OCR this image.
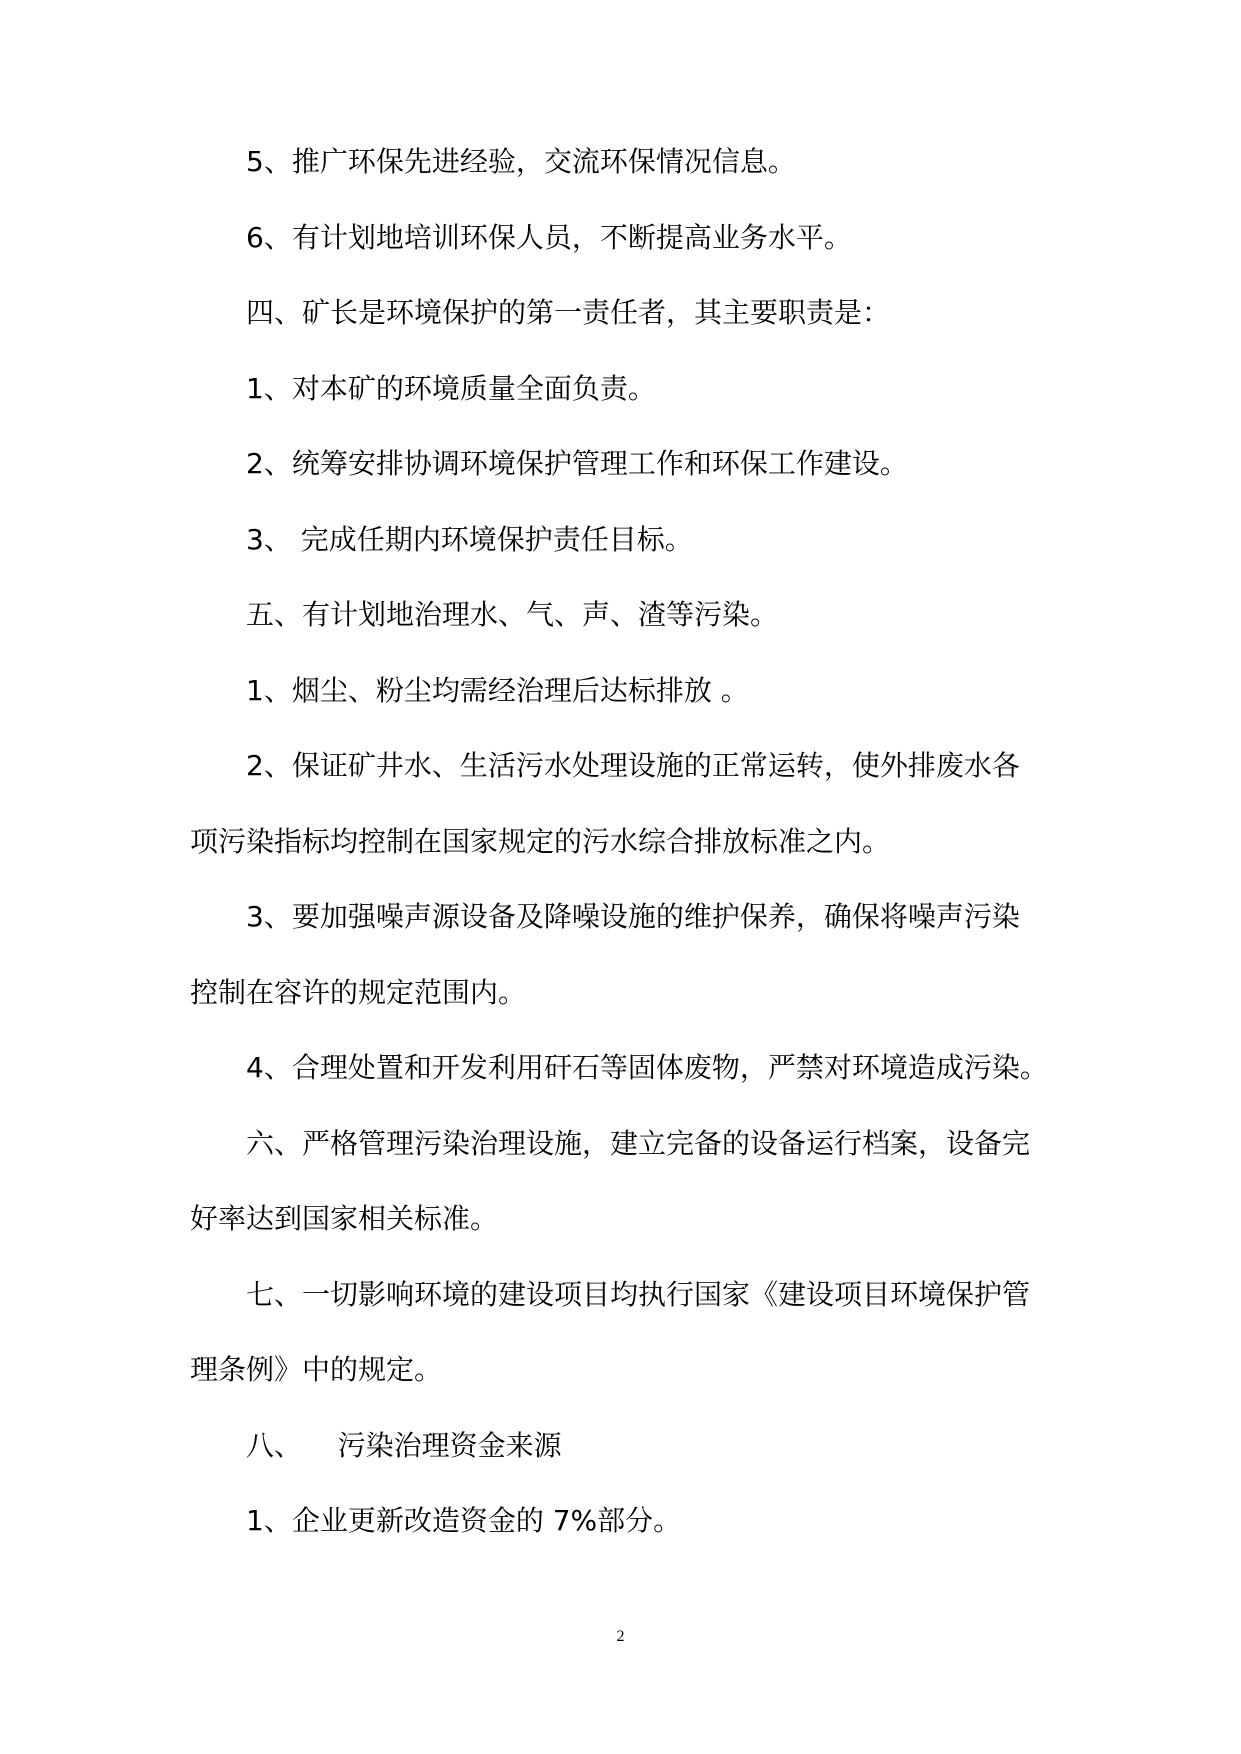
5、推广环保先进经验，交流环保情况信息。
6、有计划地培训环保人员，不断提高业务水平。
四、矿长是环境保护的第一责任者，其主要职责是：
1、对本矿的环境质量全面负责。
2、统筹安排协调环境保护管理工作和环保工作建设。
3、 完成任期内环境保护责任目标。
五、有计划地治理水、气、声、渣等污染。
1、烟尘、粉尘均需经治理后达标排放 。
2、保证矿井水、生活污水处理设施的正常运转，使外排废水各
项污染指标均控制在国家规定的污水综合排放标准之内。
3、要加强噪声源设备及降噪设施的维护保养，确保将噪声污染
控制在容许的规定范围内。
4、合理处置和开发利用矸石等固体废物，严禁对环境造成污染。
六、严格管理污染治理设施，建立完备的设备运行档案，设备完
好率达到国家相关标准。
七、一切影响环境的建设项目均执行国家《建设项目环境保护管
理条例》中的规定。
八、    污染治理资金来源
1、企业更新改造资金的 7%部分。
2
